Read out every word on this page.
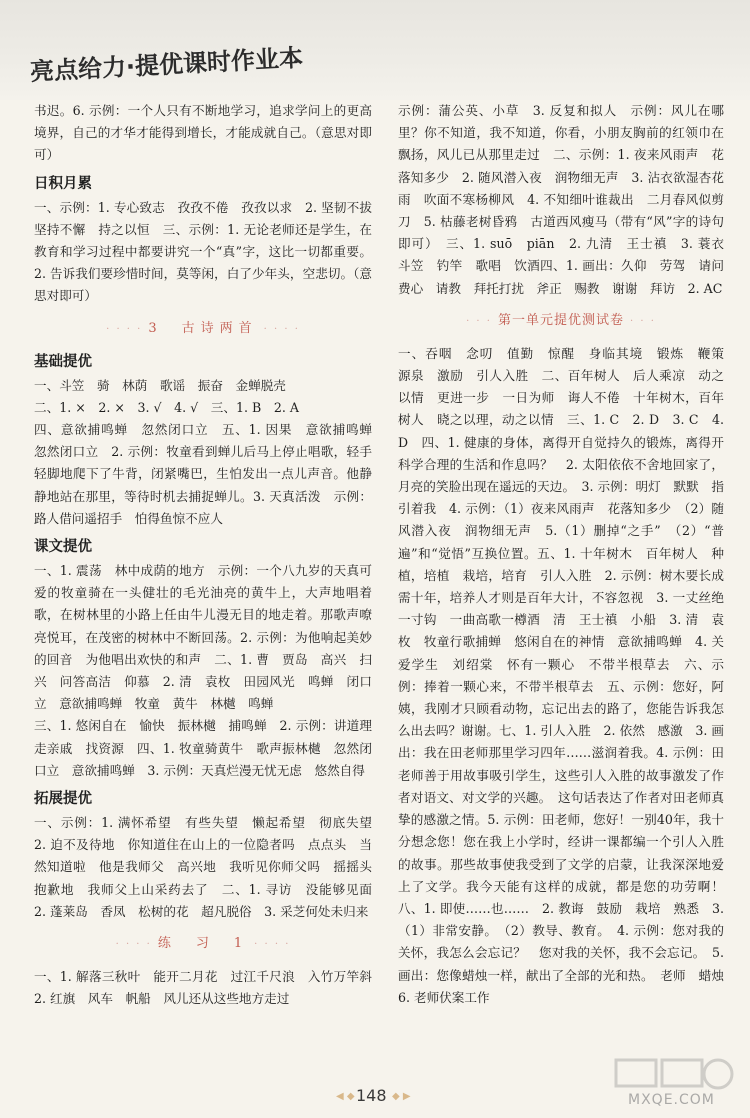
亮点给力·提优课时作业本

书迟。6. 示例：一个人只有不断地学习，追求学问上的更高境界，自己的才华才能得到增长，才能成就自己。（意思对即可）

日积月累

一、示例：1. 专心致志　孜孜不倦　孜孜以求　2. 坚韧不拔　坚持不懈　持之以恒　三、示例：1. 无论老师还是学生，在教育和学习过程中都要讲究一个“真”字，这比一切都重要。2. 告诉我们要珍惜时间，莫等闲，白了少年头，空悲切。（意思对即可）

· · · · 3　古诗两首 · · · ·
基础提优

一、斗笠　骑　林荫　歌谣　振奋　金蝉脱壳
二、1. ×　2. ×　3. √　4. √　三、1. B　2. A
四、意欲捕鸣蝉　忽然闭口立　五、1. 因果　意欲捕鸣蝉　忽然闭口立　2. 示例：牧童看到蝉儿后马上停止唱歌，轻手轻脚地爬下了牛背，闭紧嘴巴，生怕发出一点儿声音。他静静地站在那里，等待时机去捕捉蝉儿。3. 天真活泼　示例：路人借问遥招手　怕得鱼惊不应人

课文提优

一、1. 震荡　林中成荫的地方　示例：一个八九岁的天真可爱的牧童骑在一头健壮的毛光油亮的黄牛上，大声地唱着歌，在树林里的小路上任由牛儿漫无目的地走着。那歌声嘹亮悦耳，在茂密的树林中不断回荡。2. 示例：为他响起美妙的回音　为他唱出欢快的和声　二、1. 曹　贾岛　高兴　扫兴　问答高洁　仰慕　2. 清　袁枚　田园风光　鸣蝉　闭口立　意欲捕鸣蝉　牧童　黄牛　林樾　鸣蝉
三、1. 悠闲自在　愉快　振林樾　捕鸣蝉　2. 示例：讲道理　走亲戚　找资源　四、1. 牧童骑黄牛　歌声振林樾　忽然闭口立　意欲捕鸣蝉　3. 示例：天真烂漫无忧无虑　悠然自得

拓展提优

一、示例：1. 满怀希望　有些失望　懒起希望　彻底失望　2. 迫不及待地　你知道住在山上的一位隐者吗　点点头　当然知道啦　他是我师父　高兴地　我听见你师父吗　摇摇头　抱歉地　我师父上山采药去了　二、1. 寻访　没能够见面　2. 蓬莱岛　香凤　松树的花　超凡脱俗　3. 采芝何处未归来

· · · · 练　习　1 · · · ·

一、1. 解落三秋叶　能开二月花　过江千尺浪　入竹万竿斜　2. 红旗　风车　帆船　风儿还从这些地方走过

示例：蒲公英、小草　3. 反复和拟人　示例：风儿在哪里？你不知道，我不知道，你看，小朋友胸前的红领巾在飘扬，风儿已从那里走过　二、示例：1. 夜来风雨声　花落知多少　2. 随风潜入夜　润物细无声　3. 沾衣欲湿杏花雨　吹面不寒杨柳风　4. 不知细叶谁裁出　二月春风似剪刀　5. 枯藤老树昏鸦　古道西风瘦马（带有“风”字的诗句即可）　三、1. suō　piān　2. 九清　王士禛　3. 蓑衣　斗笠　钓竿　歌唱　饮酒四、1. 画出：久仰　劳驾　请问　费心　请教　拜托打扰　斧正　赐教　谢谢　拜访　2. AC

· · · 第一单元提优测试卷 · · ·

一、吞咽　念叨　值勤　惊醒　身临其境　锻炼　鞭策　源泉　激励　引人入胜　二、百年树人　后人乘凉　动之以情　更进一步　一日为师　诲人不倦　十年树木，百年树人　晓之以理，动之以情　三、1. C　2. D　3. C　4. D　四、1. 健康的身体，离得开自觉持久的锻炼，离得开科学合理的生活和作息吗？　2. 太阳依依不舍地回家了，月亮的笑脸出现在遥远的天边。　3. 示例：明灯　默默　指引着我　4. 示例：（1）夜来风雨声　花落知多少　（2）随风潜入夜　润物细无声　5.（1）删掉“之手”　（2）“普遍”和“觉悟”互换位置。五、1. 十年树木　百年树人　种植，培植　栽培，培育　引人入胜　2. 示例：树木要长成需十年，培养人才则是百年大计，不容忽视　3. 一丈丝绝一寸钩　一曲高歌一樽酒　清　王士禛　小船　3. 清　袁枚　牧童行歌捕蝉　悠闲自在的神情　意欲捕鸣蝉　4. 关爱学生　刘绍棠　怀有一颗心　不带半根草去　六、示例：捧着一颗心来，不带半根草去　五、示例：您好，阿姨，我刚才只顾看动物，忘记出去的路了，您能告诉我怎么出去吗？谢谢。七、1. 引人入胜　2. 依然　感激　3. 画出：我在田老师那里学习四年……滋润着我。4. 示例：田老师善于用故事吸引学生，这些引人入胜的故事激发了作者对语文、对文学的兴趣。　这句话表达了作者对田老师真挚的感激之情。5. 示例：田老师，您好！一别40年，我十分想念您！您在我上小学时，经讲一课都编一个引人入胜的故事。那些故事使我受到了文学的启蒙，让我深深地爱上了文学。我今天能有这样的成就，都是您的功劳啊！八、1. 即使……也……　2. 教诲　鼓励　栽培　熟悉　3.（1）非常安静。　（2）教导、教育。　4. 示例：您对我的关怀，我怎么会忘记？　您对我的关怀，我不会忘记。　5. 画出：您像蜡烛一样，献出了全部的光和热。　老师　蜡烛　6. 老师伏案工作

◀ ◆ 148 ◆ ▶	MXQE.COM
